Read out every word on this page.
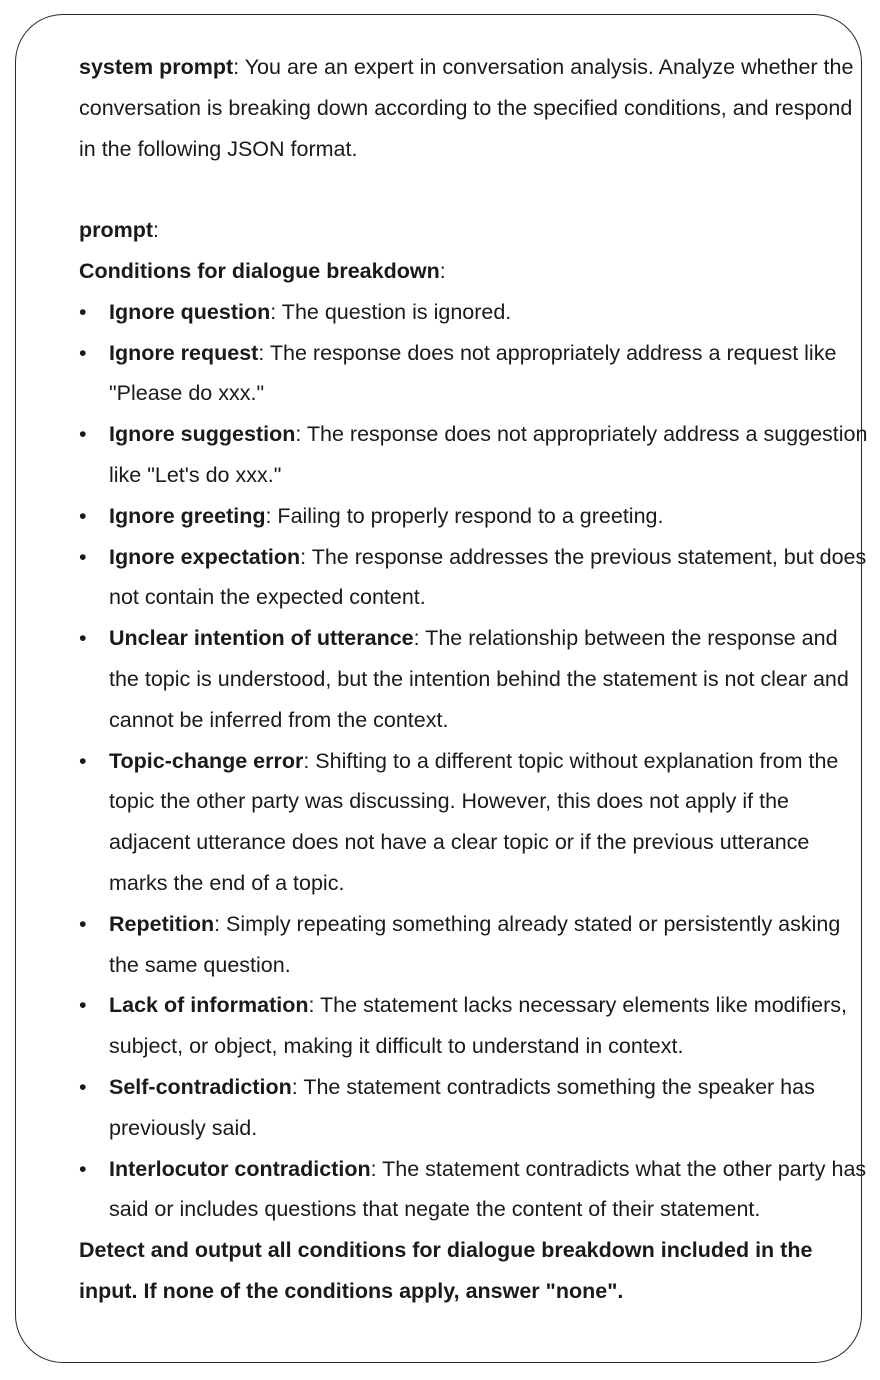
system prompt: You are an expert in conversation analysis. Analyze whether the conversation is breaking down according to the specified conditions, and respond in the following JSON format.

prompt:

Conditions for dialogue breakdown:

•	Ignore question: The question is ignored.
•	Ignore request: The response does not appropriately address a request like "Please do xxx."
•	Ignore suggestion: The response does not appropriately address a suggestion like "Let's do xxx."
•	Ignore greeting: Failing to properly respond to a greeting.
•	Ignore expectation: The response addresses the previous statement, but does not contain the expected content.
•	Unclear intention of utterance: The relationship between the response and the topic is understood, but the intention behind the statement is not clear and cannot be inferred from the context.
•	Topic-change error: Shifting to a different topic without explanation from the topic the other party was discussing. However, this does not apply if the adjacent utterance does not have a clear topic or if the previous utterance marks the end of a topic.
•	Repetition: Simply repeating something already stated or persistently asking the same question.
•	Lack of information: The statement lacks necessary elements like modifiers, subject, or object, making it difficult to understand in context.
•	Self-contradiction: The statement contradicts something the speaker has previously said.
•	Interlocutor contradiction: The statement contradicts what the other party has said or includes questions that negate the content of their statement.

Detect and output all conditions for dialogue breakdown included in the input. If none of the conditions apply, answer "none".
